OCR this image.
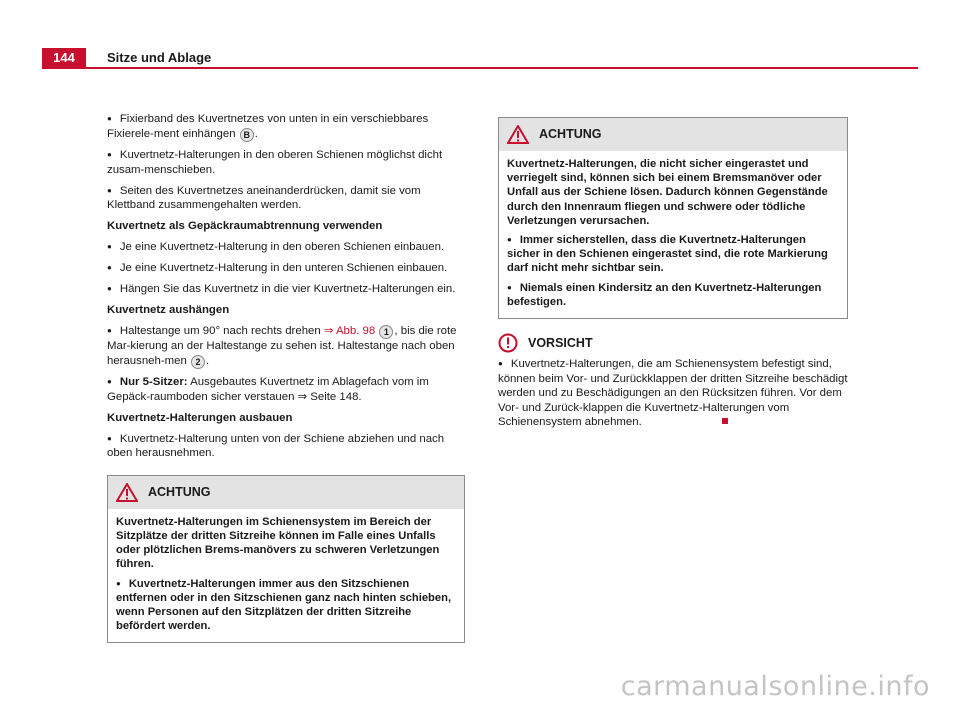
144	Sitze und Ablage

● Fixierband des Kuvertnetzes von unten in ein verschiebbares Fixierele-ment einhängen B .

● Kuvertnetz-Halterungen in den oberen Schienen möglichst dicht zusam-menschieben.

● Seiten des Kuvertnetzes aneinanderdrücken, damit sie vom Klettband zusammengehalten werden.

Kuvertnetz als Gepäckraumabtrennung verwenden

● Je eine Kuvertnetz-Halterung in den oberen Schienen einbauen.

● Je eine Kuvertnetz-Halterung in den unteren Schienen einbauen.

● Hängen Sie das Kuvertnetz in die vier Kuvertnetz-Halterungen ein.

Kuvertnetz aushängen

● Haltestange um 90° nach rechts drehen ⇒ Abb. 98 1 , bis die rote Mar-kierung an der Haltestange zu sehen ist. Haltestange nach oben herausneh-men 2 .

● Nur 5-Sitzer: Ausgebautes Kuvertnetz im Ablagefach vom im Gepäck-raumboden sicher verstauen ⇒ Seite 148.

Kuvertnetz-Halterungen ausbauen

● Kuvertnetz-Halterung unten von der Schiene abziehen und nach oben herausnehmen.

ACHTUNG

Kuvertnetz-Halterungen im Schienensystem im Bereich der Sitzplätze der dritten Sitzreihe können im Falle eines Unfalls oder plötzlichen Brems-manövers zu schweren Verletzungen führen.

● Kuvertnetz-Halterungen immer aus den Sitzschienen entfernen oder in den Sitzschienen ganz nach hinten schieben, wenn Personen auf den Sitzplätzen der dritten Sitzreihe befördert werden.

ACHTUNG

Kuvertnetz-Halterungen, die nicht sicher eingerastet und verriegelt sind, können sich bei einem Bremsmanöver oder Unfall aus der Schiene lösen. Dadurch können Gegenstände durch den Innenraum fliegen und schwere oder tödliche Verletzungen verursachen.

● Immer sicherstellen, dass die Kuvertnetz-Halterungen sicher in den Schienen eingerastet sind, die rote Markierung darf nicht mehr sichtbar sein.

● Niemals einen Kindersitz an den Kuvertnetz-Halterungen befestigen.

VORSICHT

● Kuvertnetz-Halterungen, die am Schienensystem befestigt sind, können beim Vor- und Zurückklappen der dritten Sitzreihe beschädigt werden und zu Beschädigungen an den Rücksitzen führen. Vor dem Vor- und Zurück-klappen die Kuvertnetz-Halterungen vom Schienensystem abnehmen.

carmanualsonline.info
